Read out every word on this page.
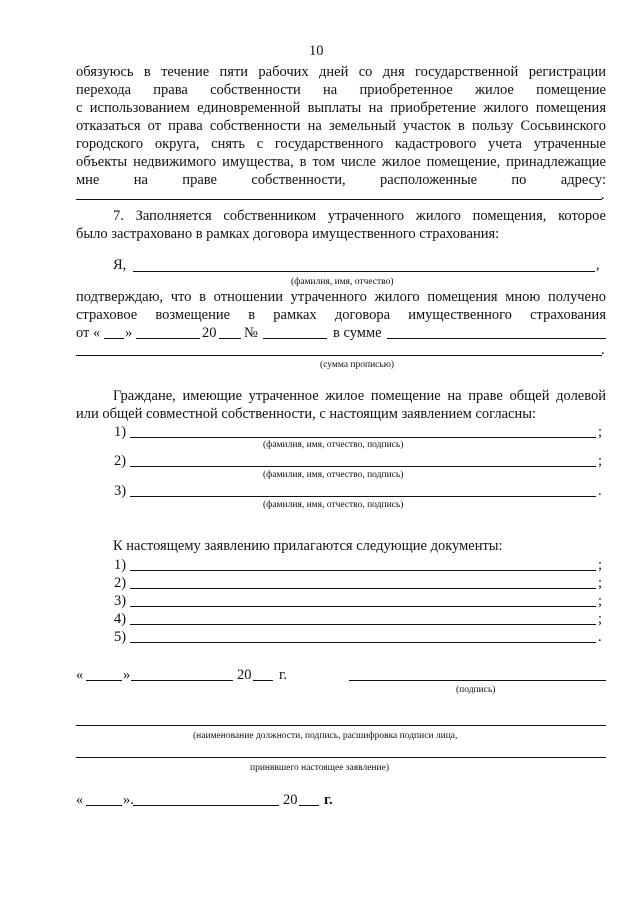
10
обязуюсь в течение пяти рабочих дней со дня государственной регистрации
перехода права собственности на приобретенное жилое помещение
с использованием единовременной выплаты на приобретение жилого помещения
отказаться от права собственности на земельный участок в пользу Сосьвинского
городского округа, снять с государственного кадастрового учета утраченные
объекты недвижимого имущества, в том числе жилое помещение, принадлежащие
мне на праве собственности, расположенные по адресу:
.
7. Заполняется собственником утраченного жилого помещения, которое
было застраховано в рамках договора имущественного страхования:
Я,	,
(фамилия, имя, отчество)
подтверждаю, что в отношении утраченного жилого помещения мною получено
страховое возмещение в рамках договора имущественного страхования
от « »	20 №	в сумме
.
(сумма прописью)
Граждане, имеющие утраченное жилое помещение на праве общей долевой
или общей совместной собственности, с настоящим заявлением согласны:
1)	;
(фамилия, имя, отчество, подпись)
2)	;
(фамилия, имя, отчество, подпись)
3)	.
(фамилия, имя, отчество, подпись)
К настоящему заявлению прилагаются следующие документы:
1)	;
2)	;
3)	;
4)	;
5)	.
«	»	20 г.
(подпись)
(наименование должности, подпись, расшифровка подписи лица,
принявшего настоящее заявление)
«	».	20 г.
